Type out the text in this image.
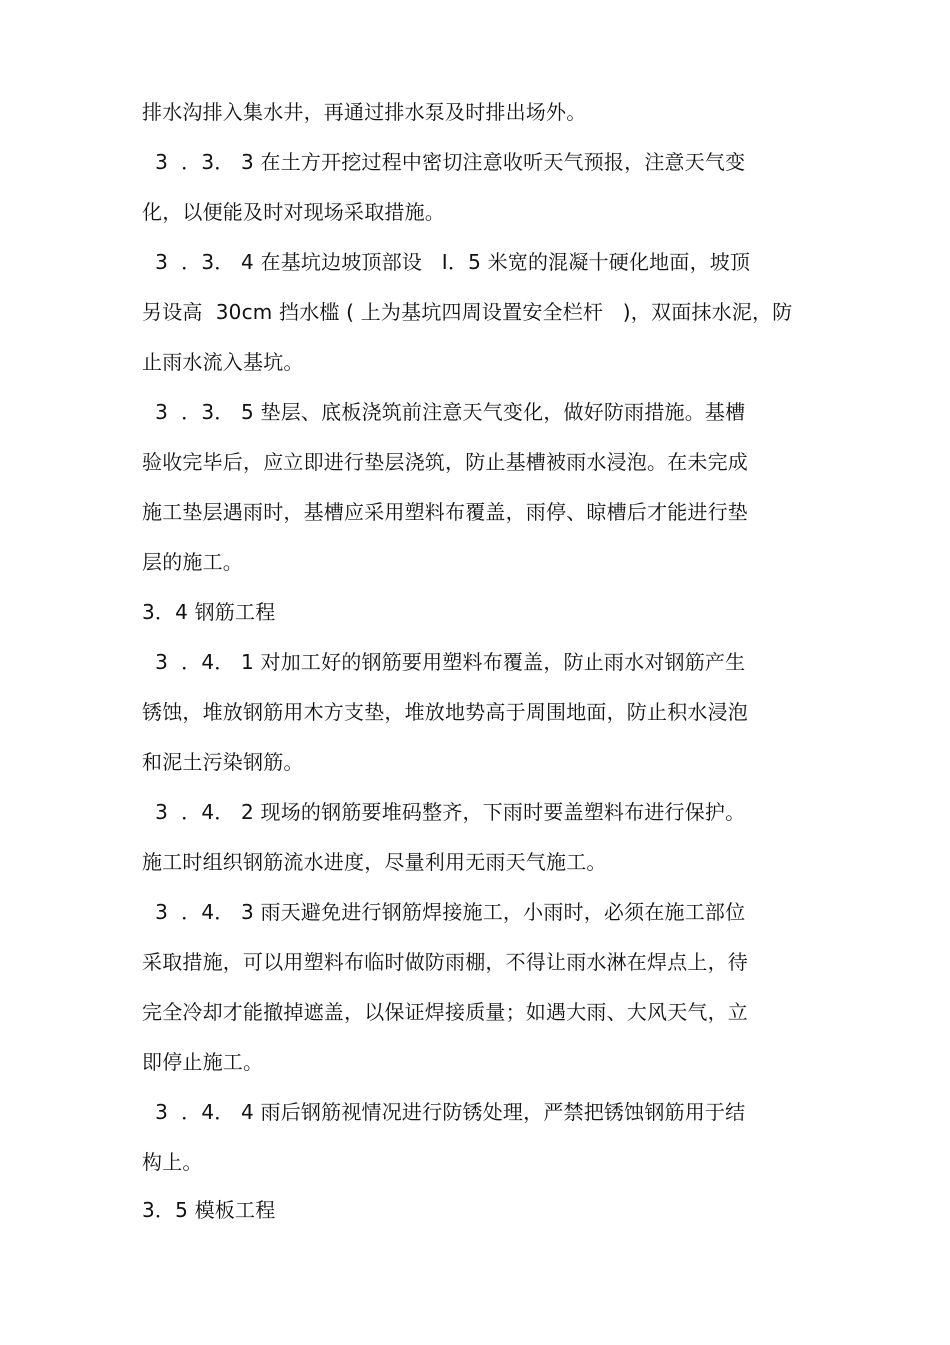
排水沟排入集水井，再通过排水泵及时排出场外。

3  ．3． 3 在土方开挖过程中密切注意收听天气预报，注意天气变

化，以便能及时对现场采取措施。

3  ．3． 4 在基坑边坡顶部设   I．5 米宽的混凝十硬化地面，坡顶

另设高  30cm 挡水槛 ( 上为基坑四周设置安全栏杆   )，双面抹水泥，防

止雨水流入基坑。

3  ．3． 5 垫层、底板浇筑前注意天气变化，做好防雨措施。基槽

验收完毕后，应立即进行垫层浇筑，防止基槽被雨水浸泡。在未完成

施工垫层遇雨时，基槽应采用塑料布覆盖，雨停、晾槽后才能进行垫

层的施工。

3．4 钢筋工程

3  ．4． 1 对加工好的钢筋要用塑料布覆盖，防止雨水对钢筋产生

锈蚀，堆放钢筋用木方支垫，堆放地势高于周围地面，防止积水浸泡

和泥土污染钢筋。

3  ．4． 2 现场的钢筋要堆码整齐，下雨时要盖塑料布进行保护。

施工时组织钢筋流水进度，尽量利用无雨天气施工。

3  ．4． 3 雨天避免进行钢筋焊接施工，小雨时，必须在施工部位

采取措施，可以用塑料布临时做防雨棚，不得让雨水淋在焊点上，待

完全冷却才能撤掉遮盖，以保证焊接质量；如遇大雨、大风天气，立

即停止施工。

3  ．4． 4 雨后钢筋视情况进行防锈处理，严禁把锈蚀钢筋用于结

构上。

3．5 模板工程
